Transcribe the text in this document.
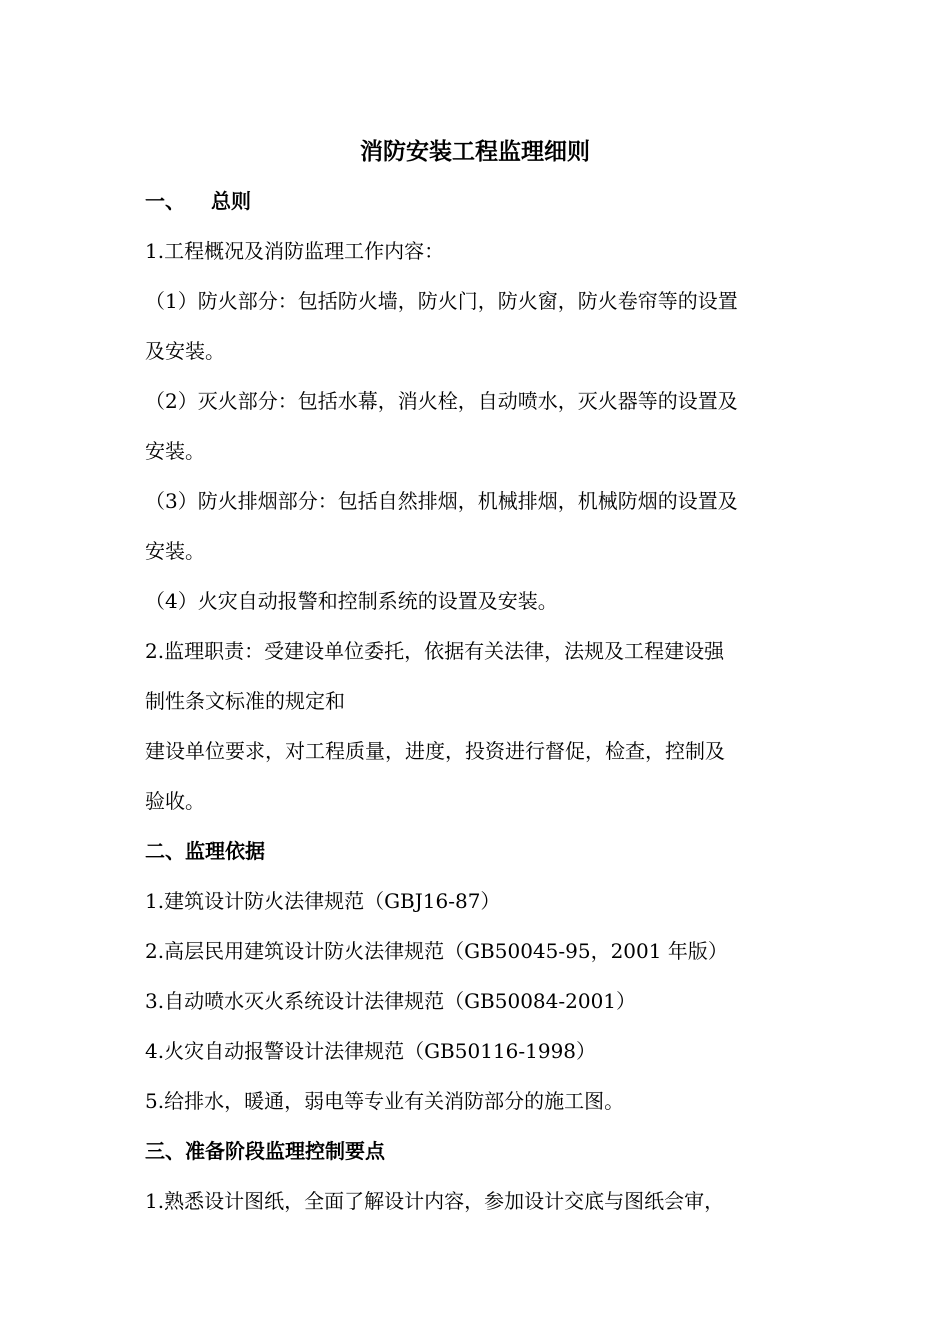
消防安装工程监理细则
一、 总则
1.工程概况及消防监理工作内容：
（1）防火部分：包括防火墙，防火门，防火窗，防火卷帘等的设置
及安装。
（2）灭火部分：包括水幕，消火栓，自动喷水，灭火器等的设置及
安装。
（3）防火排烟部分：包括自然排烟，机械排烟，机械防烟的设置及
安装。
（4）火灾自动报警和控制系统的设置及安装。
2.监理职责：受建设单位委托，依据有关法律，法规及工程建设强
制性条文标准的规定和
建设单位要求，对工程质量，进度，投资进行督促，检查，控制及
验收。
二、监理依据
1.建筑设计防火法律规范（GBJ16-87）
2.高层民用建筑设计防火法律规范（GB50045-95，2001 年版）
3.自动喷水灭火系统设计法律规范（GB50084-2001）
4.火灾自动报警设计法律规范（GB50116-1998）
5.给排水，暖通，弱电等专业有关消防部分的施工图。
三、准备阶段监理控制要点
1.熟悉设计图纸，全面了解设计内容，参加设计交底与图纸会审，
